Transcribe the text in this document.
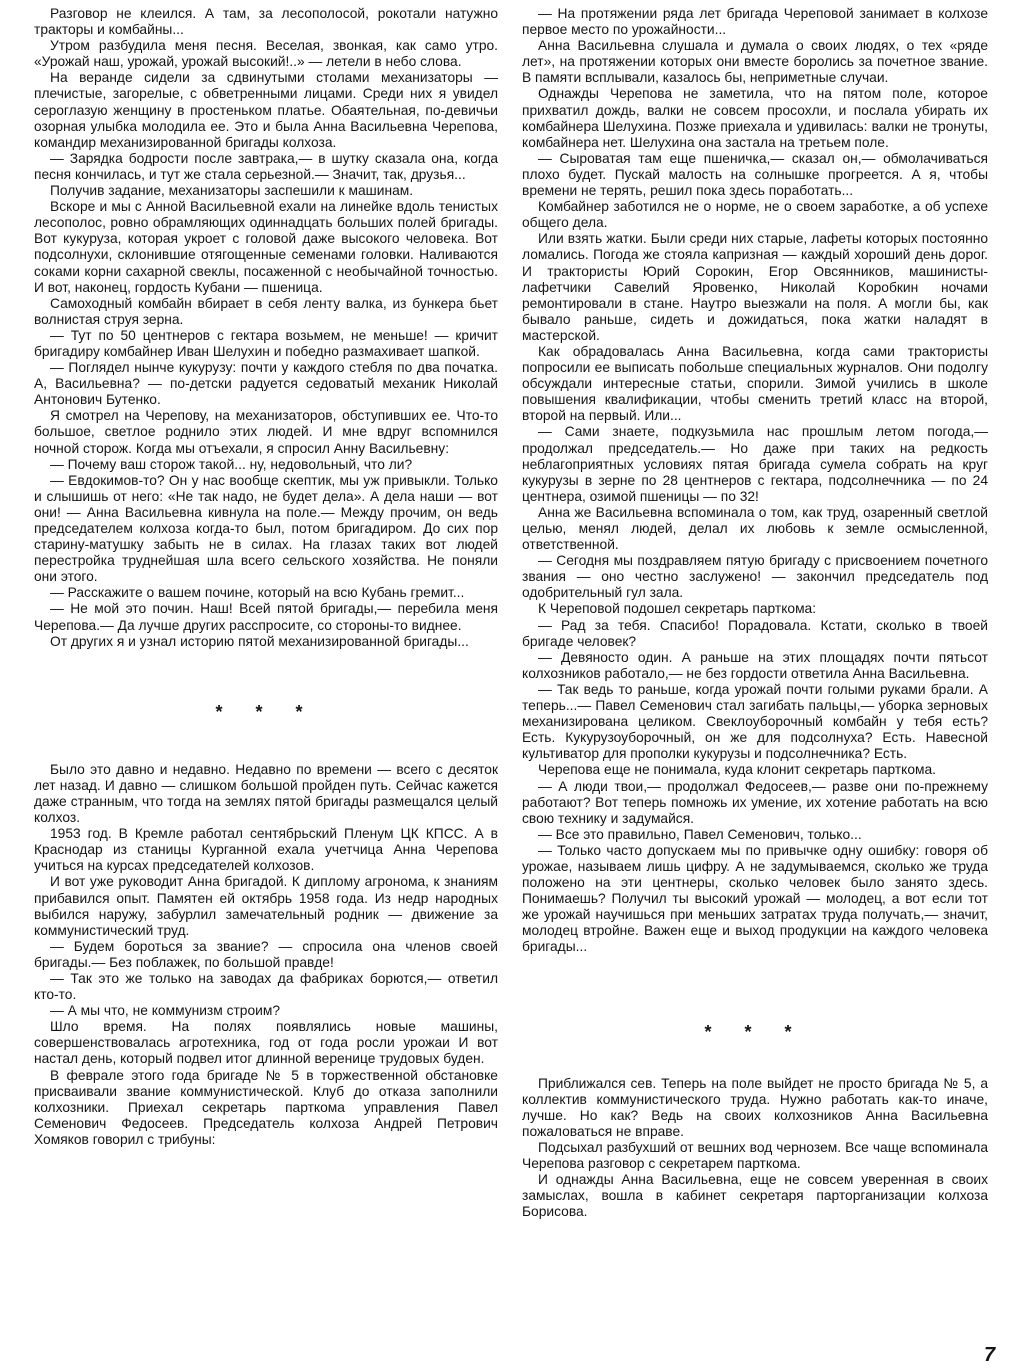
Разговор не клеился. А там, за лесополосой, рокотали натужно тракторы и комбайны...

Утром разбудила меня песня. Веселая, звонкая, как само утро. «Урожай наш, урожай, урожай высокий!..» — летели в небо слова.

На веранде сидели за сдвинутыми столами механизаторы — плечистые, загорелые, с обветренными лицами. Среди них я увидел сероглазую женщину в простеньком платье. Обаятельная, по-девичьи озорная улыбка молодила ее. Это и была Анна Васильевна Черепова, командир механизированной бригады колхоза.

— Зарядка бодрости после завтрака,— в шутку сказала она, когда песня кончилась, и тут же стала серьезной.— Значит, так, друзья...

Получив задание, механизаторы заспешили к машинам.

Вскоре и мы с Анной Васильевной ехали на линейке вдоль тенистых лесополос, ровно обрамляющих одиннадцать больших полей бригады. Вот кукуруза, которая укроет с головой даже высокого человека. Вот подсолнухи, склонившие отягощенные семенами головки. Наливаются соками корни сахарной свеклы, посаженной с необычайной точностью. И вот, наконец, гордость Кубани — пшеница.

Самоходный комбайн вбирает в себя ленту валка, из бункера бьет волнистая струя зерна.

— Тут по 50 центнеров с гектара возьмем, не меньше! — кричит бригадиру комбайнер Иван Шелухин и победно размахивает шапкой.

— Поглядел нынче кукурузу: почти у каждого стебля по два початка. А, Васильевна? — по-детски радуется седоватый механик Николай Антонович Бутенко.

Я смотрел на Черепову, на механизаторов, обступивших ее. Что-то большое, светлое роднило этих людей. И мне вдруг вспомнился ночной сторож. Когда мы отъехали, я спросил Анну Васильевну:

— Почему ваш сторож такой... ну, недовольный, что ли?

— Евдокимов-то? Он у нас вообще скептик, мы уж привыкли. Только и слышишь от него: «Не так надо, не будет дела». А дела наши — вот они! — Анна Васильевна кивнула на поле.— Между прочим, он ведь председателем колхоза когда-то был, потом бригадиром. До сих пор старину-матушку забыть не в силах. На глазах таких вот людей перестройка труднейшая шла всего сельского хозяйства. Не поняли они этого.

— Расскажите о вашем почине, который на всю Кубань гремит...

— Не мой это почин. Наш! Всей пятой бригады,— перебила меня Черепова.— Да лучше других расспросите, со стороны-то виднее.

От других я и узнал историю пятой механизированной бригады...

* * *

Было это давно и недавно. Недавно по времени — всего с десяток лет назад. И давно — слишком большой пройден путь. Сейчас кажется даже странным, что тогда на землях пятой бригады размещался целый колхоз.

1953 год. В Кремле работал сентябрьский Пленум ЦК КПСС. А в Краснодар из станицы Курганной ехала учетчица Анна Черепова учиться на курсах председателей колхозов.

И вот уже руководит Анна бригадой. К диплому агронома, к знаниям прибавился опыт. Памятен ей октябрь 1958 года. Из недр народных выбился наружу, забурлил замечательный родник — движение за коммунистический труд.

— Будем бороться за звание? — спросила она членов своей бригады.— Без поблажек, по большой правде!

— Так это же только на заводах да фабриках борются,— ответил кто-то.

— А мы что, не коммунизм строим?

Шло время. На полях появлялись новые машины, совершенствовалась агротехника, год от года росли урожаи И вот настал день, который подвел итог длинной веренице трудовых буден.

В феврале этого года бригаде № 5 в торжественной обстановке присваивали звание коммунистической. Клуб до отказа заполнили колхозники. Приехал секретарь парткома управления Павел Семенович Федосеев. Председатель колхоза Андрей Петрович Хомяков говорил с трибуны:

— На протяжении ряда лет бригада Череповой занимает в колхозе первое место по урожайности...

Анна Васильевна слушала и думала о своих людях, о тех «ряде лет», на протяжении которых они вместе боролись за почетное звание. В памяти всплывали, казалось бы, неприметные случаи.

Однажды Черепова не заметила, что на пятом поле, которое прихватил дождь, валки не совсем просохли, и послала убирать их комбайнера Шелухина. Позже приехала и удивилась: валки не тронуты, комбайнера нет. Шелухина она застала на третьем поле.

— Сыроватая там еще пшеничка,— сказал он,— обмолачиваться плохо будет. Пускай малость на солнышке прогреется. А я, чтобы времени не терять, решил пока здесь поработать...

Комбайнер заботился не о норме, не о своем заработке, а об успехе общего дела.

Или взять жатки. Были среди них старые, лафеты которых постоянно ломались. Погода же стояла капризная — каждый хороший день дорог. И трактористы Юрий Сорокин, Егор Овсянников, машинисты-лафетчики Савелий Яровенко, Николай Коробкин ночами ремонтировали в стане. Наутро выезжали на поля. А могли бы, как бывало раньше, сидеть и дожидаться, пока жатки наладят в мастерской.

Как обрадовалась Анна Васильевна, когда сами трактористы попросили ее выписать побольше специальных журналов. Они подолгу обсуждали интересные статьи, спорили. Зимой учились в школе повышения квалификации, чтобы сменить третий класс на второй, второй на первый. Или...

— Сами знаете, подкузьмила нас прошлым летом погода,— продолжал председатель.— Но даже при таких на редкость неблагоприятных условиях пятая бригада сумела собрать на круг кукурузы в зерне по 28 центнеров с гектара, подсолнечника — по 24 центнера, озимой пшеницы — по 32!

Анна же Васильевна вспоминала о том, как труд, озаренный светлой целью, менял людей, делал их любовь к земле осмысленной, ответственной.

— Сегодня мы поздравляем пятую бригаду с присвоением почетного звания — оно честно заслужено! — закончил председатель под одобрительный гул зала.

К Череповой подошел секретарь парткома:

— Рад за тебя. Спасибо! Порадовала. Кстати, сколько в твоей бригаде человек?

— Девяносто один. А раньше на этих площадях почти пятьсот колхозников работало,— не без гордости ответила Анна Васильевна.

— Так ведь то раньше, когда урожай почти голыми руками брали. А теперь...— Павел Семенович стал загибать пальцы,— уборка зерновых механизирована целиком. Свеклоуборочный комбайн у тебя есть? Есть. Кукурузоуборочный, он же для подсолнуха? Есть. Навесной культиватор для прополки кукурузы и подсолнечника? Есть.

Черепова еще не понимала, куда клонит секретарь парткома.

— А люди твои,— продолжал Федосеев,— разве они по-прежнему работают? Вот теперь помножь их умение, их хотение работать на всю свою технику и задумайся.

— Все это правильно, Павел Семенович, только...

— Только часто допускаем мы по привычке одну ошибку: говоря об урожае, называем лишь цифру. А не задумываемся, сколько же труда положено на эти центнеры, сколько человек было занято здесь. Понимаешь? Получил ты высокий урожай — молодец, а вот если тот же урожай научишься при меньших затратах труда получать,— значит, молодец втройне. Важен еще и выход продукции на каждого человека бригады...

* * *

Приближался сев. Теперь на поле выйдет не просто бригада № 5, а коллектив коммунистического труда. Нужно работать как-то иначе, лучше. Но как? Ведь на своих колхозников Анна Васильевна пожаловаться не вправе.

Подсыхал разбухший от вешних вод чернозем. Все чаще вспоминала Черепова разговор с секретарем парткома.

И однажды Анна Васильевна, еще не совсем уверенная в своих замыслах, вошла в кабинет секретаря парторганизации колхоза Борисова.

7
